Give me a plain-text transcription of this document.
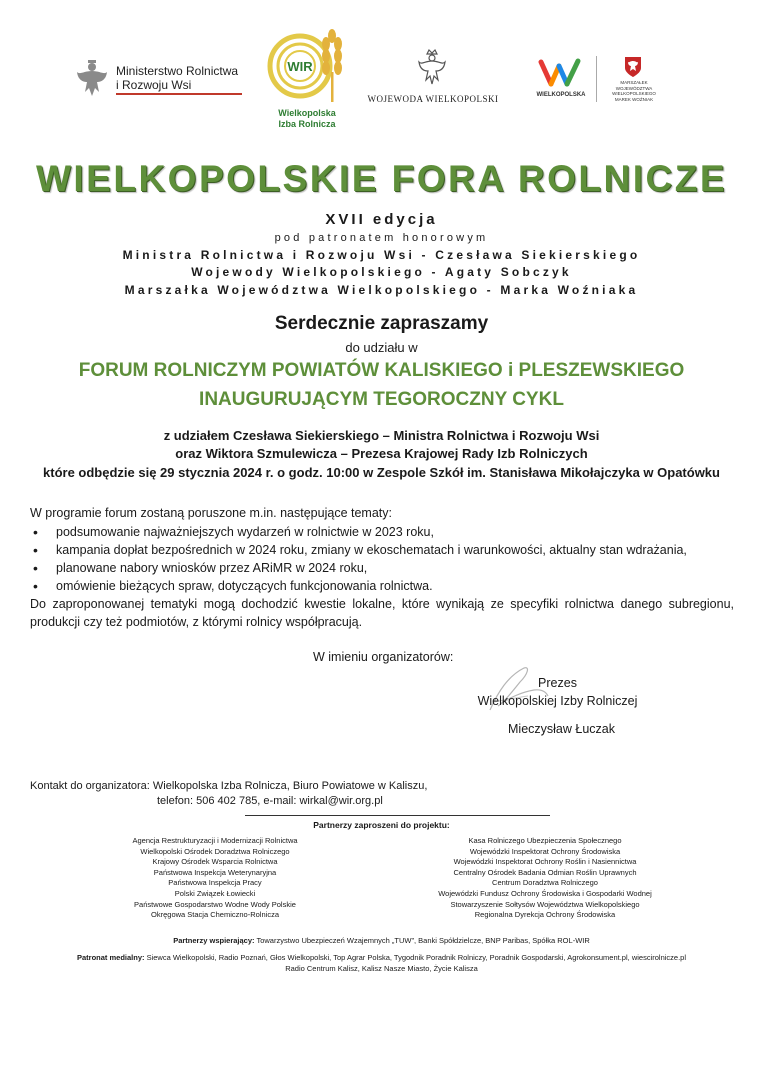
Ministerstwo Rolnictwa
i Rozwoju Wsi
WIR
Wielkopolska
Izba Rolnicza
WOJEWODA WIELKOPOLSKI	WIELKOPOLSKA
MARSZAŁEK
WOJEWÓDZTWA
WIELKOPOLSKIEGO
MAREK WOŹNIAK
WIELKOPOLSKIE FORA ROLNICZE
XVII edycja
pod patronatem honorowym
Ministra Rolnictwa i Rozwoju Wsi - Czesława Siekierskiego
Wojewody Wielkopolskiego - Agaty Sobczyk
Marszałka Województwa Wielkopolskiego - Marka Woźniaka
Serdecznie zapraszamy
do udziału w
FORUM ROLNICZYM POWIATÓW KALISKIEGO i PLESZEWSKIEGO
INAUGURUJĄCYM TEGOROCZNY CYKL
z udziałem Czesława Siekierskiego – Ministra Rolnictwa i Rozwoju Wsi
oraz Wiktora Szmulewicza – Prezesa Krajowej Rady Izb Rolniczych
które odbędzie się 29 stycznia 2024 r. o godz. 10:00 w Zespole Szkół im. Stanisława Mikołajczyka w Opatówku
W programie forum zostaną poruszone m.in. następujące tematy:
• podsumowanie najważniejszych wydarzeń w rolnictwie w 2023 roku,
• kampania dopłat bezpośrednich w 2024 roku, zmiany w ekoschematach i warunkowości, aktualny stan wdrażania,
• planowane nabory wniosków przez ARiMR w 2024 roku,
• omówienie bieżących spraw, dotyczących funkcjonowania rolnictwa.
Do zaproponowanej tematyki mogą dochodzić kwestie lokalne, które wynikają ze specyfiki rolnictwa danego subregionu, produkcji czy też podmiotów, z którymi rolnicy współpracują.
W imieniu organizatorów:
Prezes
Wielkopolskiej Izby Rolniczej
Mieczysław Łuczak
Kontakt do organizatora: Wielkopolska Izba Rolnicza, Biuro Powiatowe w Kaliszu,
telefon: 506 402 785, e-mail: wirkal@wir.org.pl
Partnerzy zaproszeni do projektu:
Agencja Restrukturyzacji i Modernizacji Rolnictwa
Wielkopolski Ośrodek Doradztwa Rolniczego
Krajowy Ośrodek Wsparcia Rolnictwa
Państwowa Inspekcja Weterynaryjna
Państwowa Inspekcja Pracy
Polski Związek Łowiecki
Państwowe Gospodarstwo Wodne Wody Polskie
Okręgowa Stacja Chemiczno-Rolnicza
Kasa Rolniczego Ubezpieczenia Społecznego
Wojewódzki Inspektorat Ochrony Środowiska
Wojewódzki Inspektorat Ochrony Roślin i Nasiennictwa
Centralny Ośrodek Badania Odmian Roślin Uprawnych
Centrum Doradztwa Rolniczego
Wojewódzki Fundusz Ochrony Środowiska i Gospodarki Wodnej
Stowarzyszenie Sołtysów Województwa Wielkopolskiego
Regionalna Dyrekcja Ochrony Środowiska
Partnerzy wspierający: Towarzystwo Ubezpieczeń Wzajemnych „TUW”, Banki Spółdzielcze, BNP Paribas, Spółka ROL-WIR
Patronat medialny: Siewca Wielkopolski, Radio Poznań, Głos Wielkopolski, Top Agrar Polska, Tygodnik Poradnik Rolniczy, Poradnik Gospodarski, Agrokonsument.pl, wiescirolnicze.pl
Radio Centrum Kalisz, Kalisz Nasze Miasto, Życie Kalisza
